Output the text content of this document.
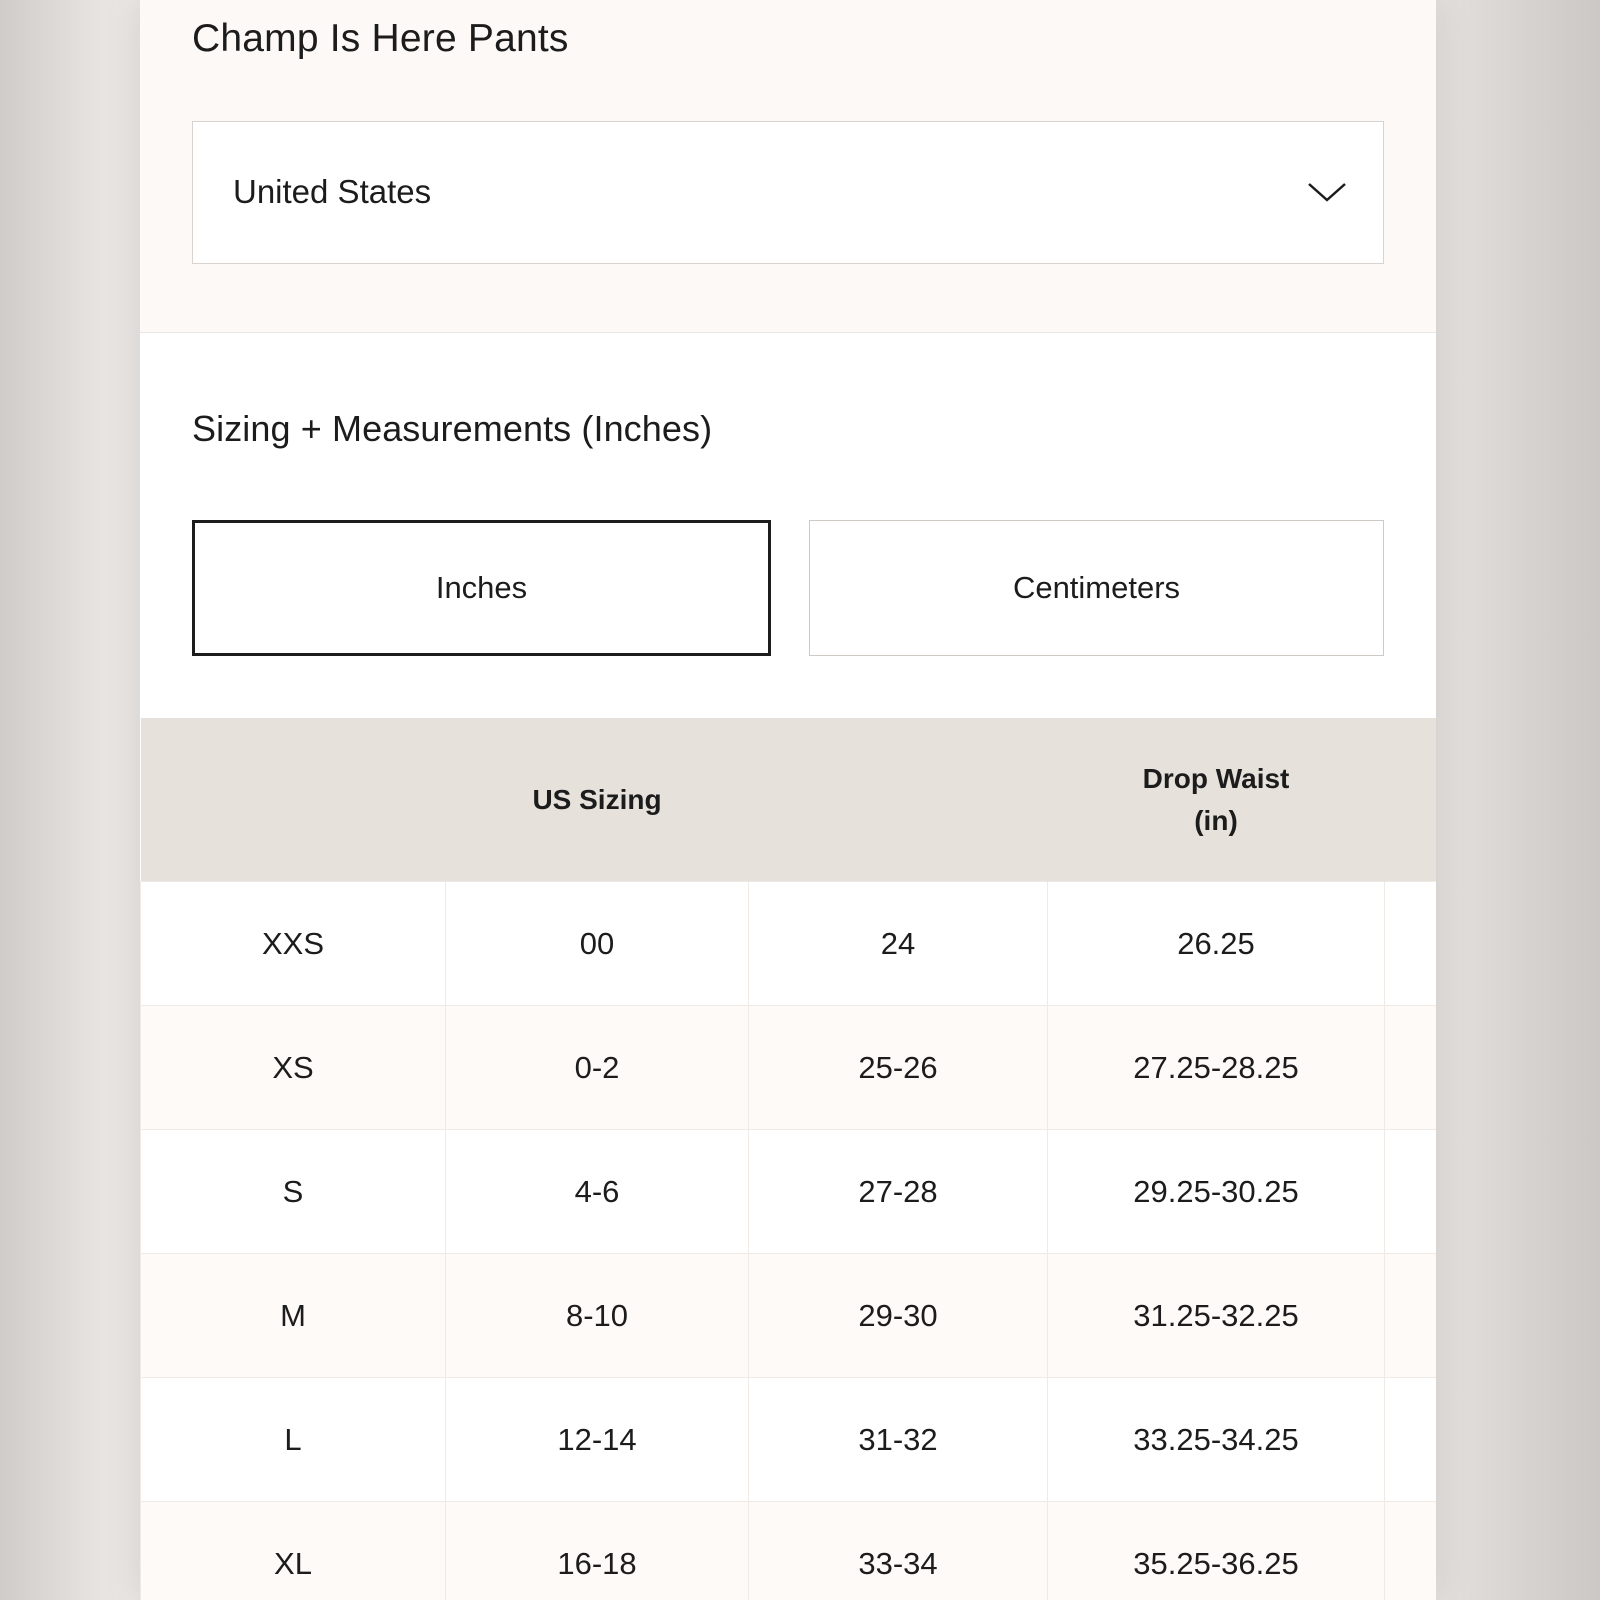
Champ Is Here Pants
United States
Sizing + Measurements (Inches)
Inches	Centimeters
	US Sizing		Drop Waist
(in)	
XXS	00	24	26.25	
XS	0-2	25-26	27.25-28.25	
S	4-6	27-28	29.25-30.25	
M	8-10	29-30	31.25-32.25	
L	12-14	31-32	33.25-34.25	
XL	16-18	33-34	35.25-36.25	
